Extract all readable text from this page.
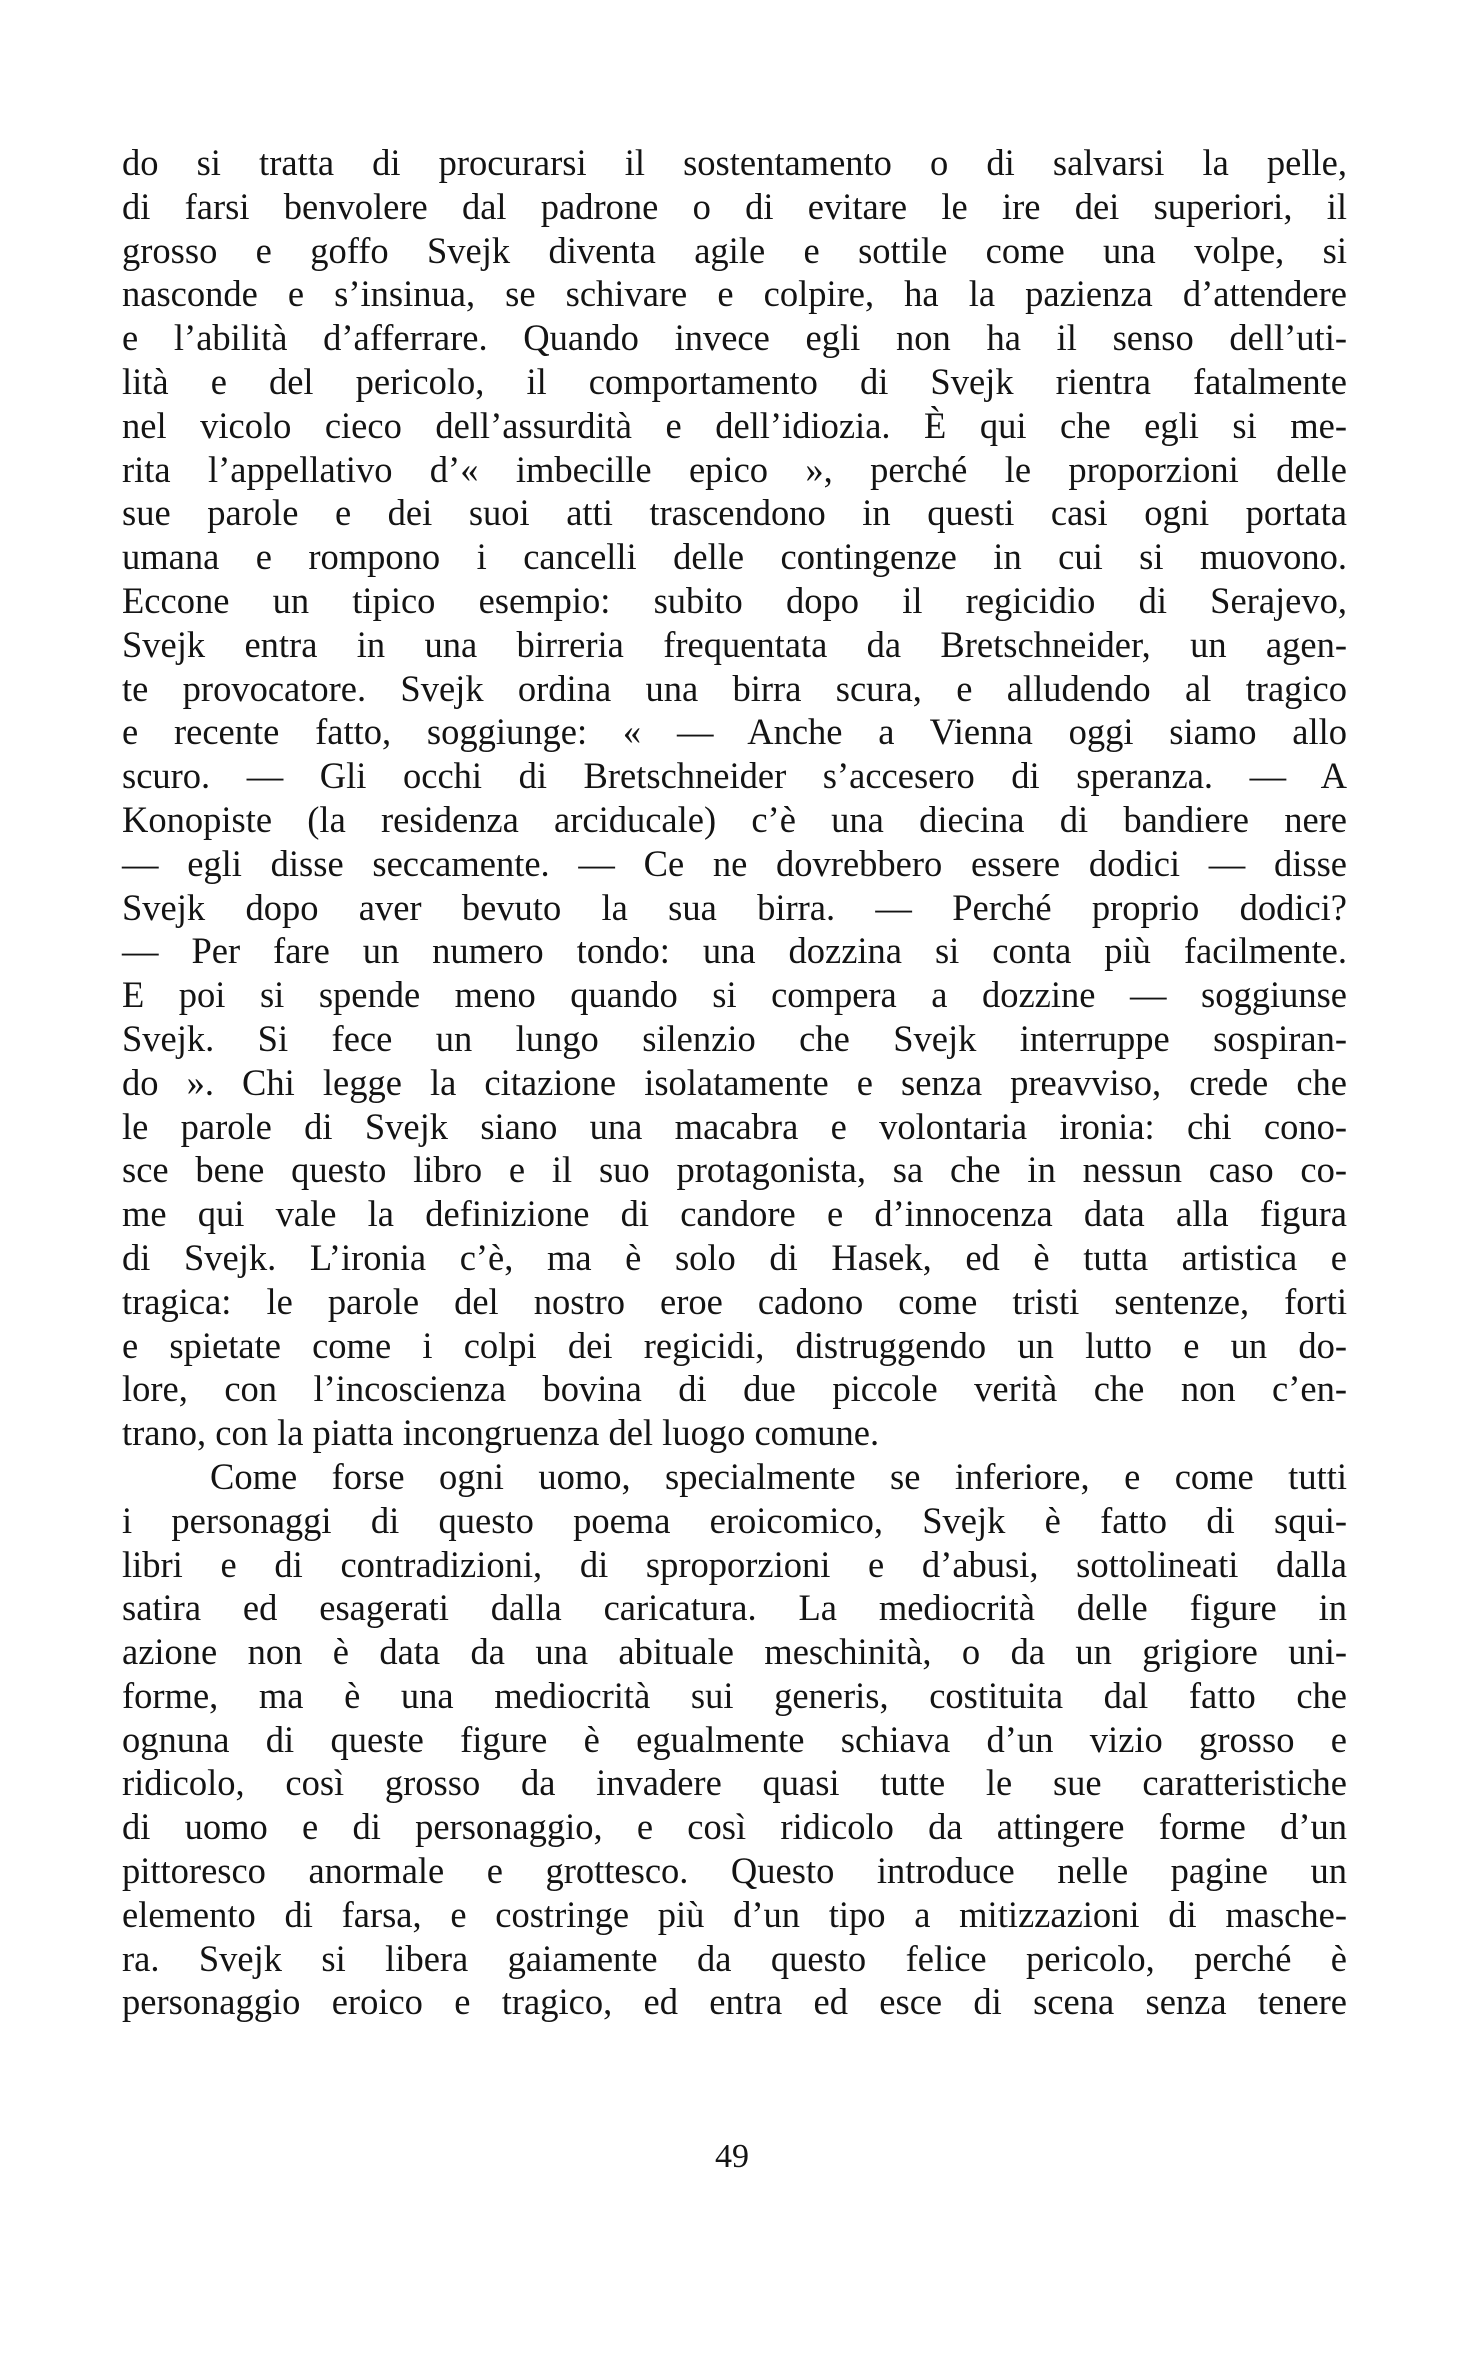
do si tratta di procurarsi il sostentamento o di salvarsi la pelle,
di farsi benvolere dal padrone o di evitare le ire dei superiori, il
grosso e goffo Svejk diventa agile e sottile come una volpe, si
nasconde e s’insinua, se schivare e colpire, ha la pazienza d’attendere
e l’abilità d’afferrare. Quando invece egli non ha il senso dell’uti-
lità e del pericolo, il comportamento di Svejk rientra fatalmente
nel vicolo cieco dell’assurdità e dell’idiozia. È qui che egli si me-
rita l’appellativo d’« imbecille epico », perché le proporzioni delle
sue parole e dei suoi atti trascendono in questi casi ogni portata
umana e rompono i cancelli delle contingenze in cui si muovono.
Eccone un tipico esempio: subito dopo il regicidio di Serajevo,
Svejk entra in una birreria frequentata da Bretschneider, un agen-
te provocatore. Svejk ordina una birra scura, e alludendo al tragico
e recente fatto, soggiunge: « — Anche a Vienna oggi siamo allo
scuro. — Gli occhi di Bretschneider s’accesero di speranza. — A
Konopiste (la residenza arciducale) c’è una diecina di bandiere nere
— egli disse seccamente. — Ce ne dovrebbero essere dodici — disse
Svejk dopo aver bevuto la sua birra. — Perché proprio dodici?
— Per fare un numero tondo: una dozzina si conta più facilmente.
E poi si spende meno quando si compera a dozzine — soggiunse
Svejk. Si fece un lungo silenzio che Svejk interruppe sospiran-
do ». Chi legge la citazione isolatamente e senza preavviso, crede che
le parole di Svejk siano una macabra e volontaria ironia: chi cono-
sce bene questo libro e il suo protagonista, sa che in nessun caso co-
me qui vale la definizione di candore e d’innocenza data alla figura
di Svejk. L’ironia c’è, ma è solo di Hasek, ed è tutta artistica e
tragica: le parole del nostro eroe cadono come tristi sentenze, forti
e spietate come i colpi dei regicidi, distruggendo un lutto e un do-
lore, con l’incoscienza bovina di due piccole verità che non c’en-
trano, con la piatta incongruenza del luogo comune.
Come forse ogni uomo, specialmente se inferiore, e come tutti
i personaggi di questo poema eroicomico, Svejk è fatto di squi-
libri e di contradizioni, di sproporzioni e d’abusi, sottolineati dalla
satira ed esagerati dalla caricatura. La mediocrità delle figure in
azione non è data da una abituale meschinità, o da un grigiore uni-
forme, ma è una mediocrità sui generis, costituita dal fatto che
ognuna di queste figure è egualmente schiava d’un vizio grosso e
ridicolo, così grosso da invadere quasi tutte le sue caratteristiche
di uomo e di personaggio, e così ridicolo da attingere forme d’un
pittoresco anormale e grottesco. Questo introduce nelle pagine un
elemento di farsa, e costringe più d’un tipo a mitizzazioni di masche-
ra. Svejk si libera gaiamente da questo felice pericolo, perché è
personaggio eroico e tragico, ed entra ed esce di scena senza tenere
49
